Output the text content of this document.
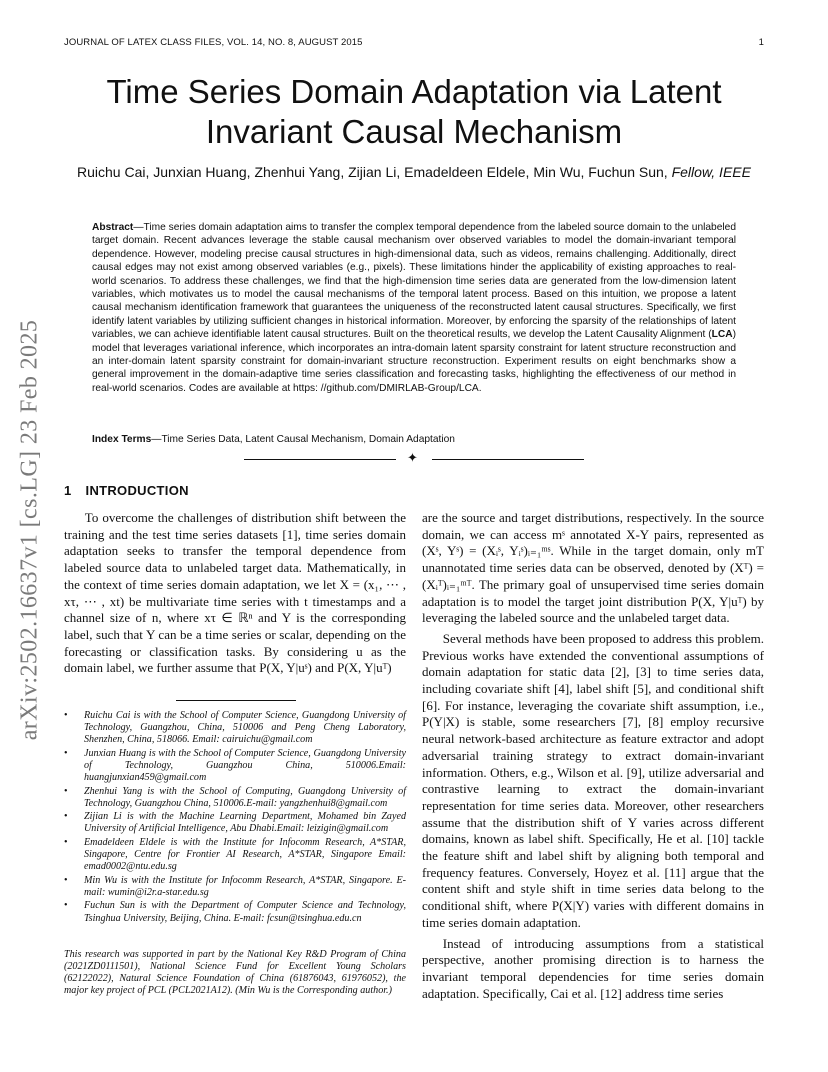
JOURNAL OF LATEX CLASS FILES, VOL. 14, NO. 8, AUGUST 2015	1
arXiv:2502.16637v1 [cs.LG] 23 Feb 2025
Time Series Domain Adaptation via Latent Invariant Causal Mechanism
Ruichu Cai, Junxian Huang, Zhenhui Yang, Zijian Li, Emadeldeen Eldele, Min Wu, Fuchun Sun, Fellow, IEEE

Abstract—Time series domain adaptation aims to transfer the complex temporal dependence from the labeled source domain to the unlabeled target domain. Recent advances leverage the stable causal mechanism over observed variables to model the domain-invariant temporal dependence. However, modeling precise causal structures in high-dimensional data, such as videos, remains challenging. Additionally, direct causal edges may not exist among observed variables (e.g., pixels). These limitations hinder the applicability of existing approaches to real-world scenarios. To address these challenges, we find that the high-dimension time series data are generated from the low-dimension latent variables, which motivates us to model the causal mechanisms of the temporal latent process. Based on this intuition, we propose a latent causal mechanism identification framework that guarantees the uniqueness of the reconstructed latent causal structures. Specifically, we first identify latent variables by utilizing sufficient changes in historical information. Moreover, by enforcing the sparsity of the relationships of latent variables, we can achieve identifiable latent causal structures. Built on the theoretical results, we develop the Latent Causality Alignment (LCA) model that leverages variational inference, which incorporates an intra-domain latent sparsity constraint for latent structure reconstruction and an inter-domain latent sparsity constraint for domain-invariant structure reconstruction. Experiment results on eight benchmarks show a general improvement in the domain-adaptive time series classification and forecasting tasks, highlighting the effectiveness of our method in real-world scenarios. Codes are available at https: //github.com/DMIRLAB-Group/LCA.

Index Terms—Time Series Data, Latent Causal Mechanism, Domain Adaptation
✦
1 INTRODUCTION

To overcome the challenges of distribution shift between the training and the test time series datasets [1], time series domain adaptation seeks to transfer the temporal dependence from labeled source data to unlabeled target data. Mathematically, in the context of time series domain adaptation, we let X = (x₁, ⋯ , xτ, ⋯ , xt) be multivariate time series with t timestamps and a channel size of n, where xτ ∈ ℝⁿ and Y is the corresponding label, such that Y can be a time series or scalar, depending on the forecasting or classification tasks. By considering u as the domain label, we further assume that P(X, Y|uˢ) and P(X, Y|uᵀ)

• Ruichu Cai is with the School of Computer Science, Guangdong University of Technology, Guangzhou, China, 510006 and Peng Cheng Laboratory, Shenzhen, China, 518066. Email: cairuichu@gmail.com
• Junxian Huang is with the School of Computer Science, Guangdong University of Technology, Guangzhou China, 510006.Email: huangjunxian459@gmail.com
• Zhenhui Yang is with the School of Computing, Guangdong University of Technology, Guangzhou China, 510006.E-mail: yangzhenhui8@gmail.com
• Zijian Li is with the Machine Learning Department, Mohamed bin Zayed University of Artificial Intelligence, Abu Dhabi.Email: leizigin@gmail.com
• Emadeldeen Eldele is with the Institute for Infocomm Research, A*STAR, Singapore, Centre for Frontier AI Research, A*STAR, Singapore Email: emad0002@ntu.edu.sg
• Min Wu is with the Institute for Infocomm Research, A*STAR, Singapore. E-mail: wumin@i2r.a-star.edu.sg
• Fuchun Sun is with the Department of Computer Science and Technology, Tsinghua University, Beijing, China. E-mail: fcsun@tsinghua.edu.cn

This research was supported in part by the National Key R&D Program of China (2021ZD0111501), National Science Fund for Excellent Young Scholars (62122022), Natural Science Foundation of China (61876043, 61976052), the major key project of PCL (PCL2021A12). (Min Wu is the Corresponding author.)

are the source and target distributions, respectively. In the source domain, we can access mˢ annotated X-Y pairs, represented as (Xˢ, Yˢ) = (Xᵢˢ, Yᵢˢ)ᵢ₌₁ᵐˢ. While in the target domain, only mT unannotated time series data can be observed, denoted by (Xᵀ) = (Xᵢᵀ)ᵢ₌₁ᵐᵀ. The primary goal of unsupervised time series domain adaptation is to model the target joint distribution P(X, Y|uᵀ) by leveraging the labeled source and the unlabeled target data.

Several methods have been proposed to address this problem. Previous works have extended the conventional assumptions of domain adaptation for static data [2], [3] to time series data, including covariate shift [4], label shift [5], and conditional shift [6]. For instance, leveraging the covariate shift assumption, i.e., P(Y|X) is stable, some researchers [7], [8] employ recursive neural network-based architecture as feature extractor and adopt adversarial training strategy to extract domain-invariant information. Others, e.g., Wilson et al. [9], utilize adversarial and contrastive learning to extract the domain-invariant representation for time series data. Moreover, other researchers assume that the distribution shift of Y varies across different domains, known as label shift. Specifically, He et al. [10] tackle the feature shift and label shift by aligning both temporal and frequency features. Conversely, Hoyez et al. [11] argue that the content shift and style shift in time series data belong to the conditional shift, where P(X|Y) varies with different domains in time series domain adaptation.

Instead of introducing assumptions from a statistical perspective, another promising direction is to harness the invariant temporal dependencies for time series domain adaptation. Specifically, Cai et al. [12] address time series
